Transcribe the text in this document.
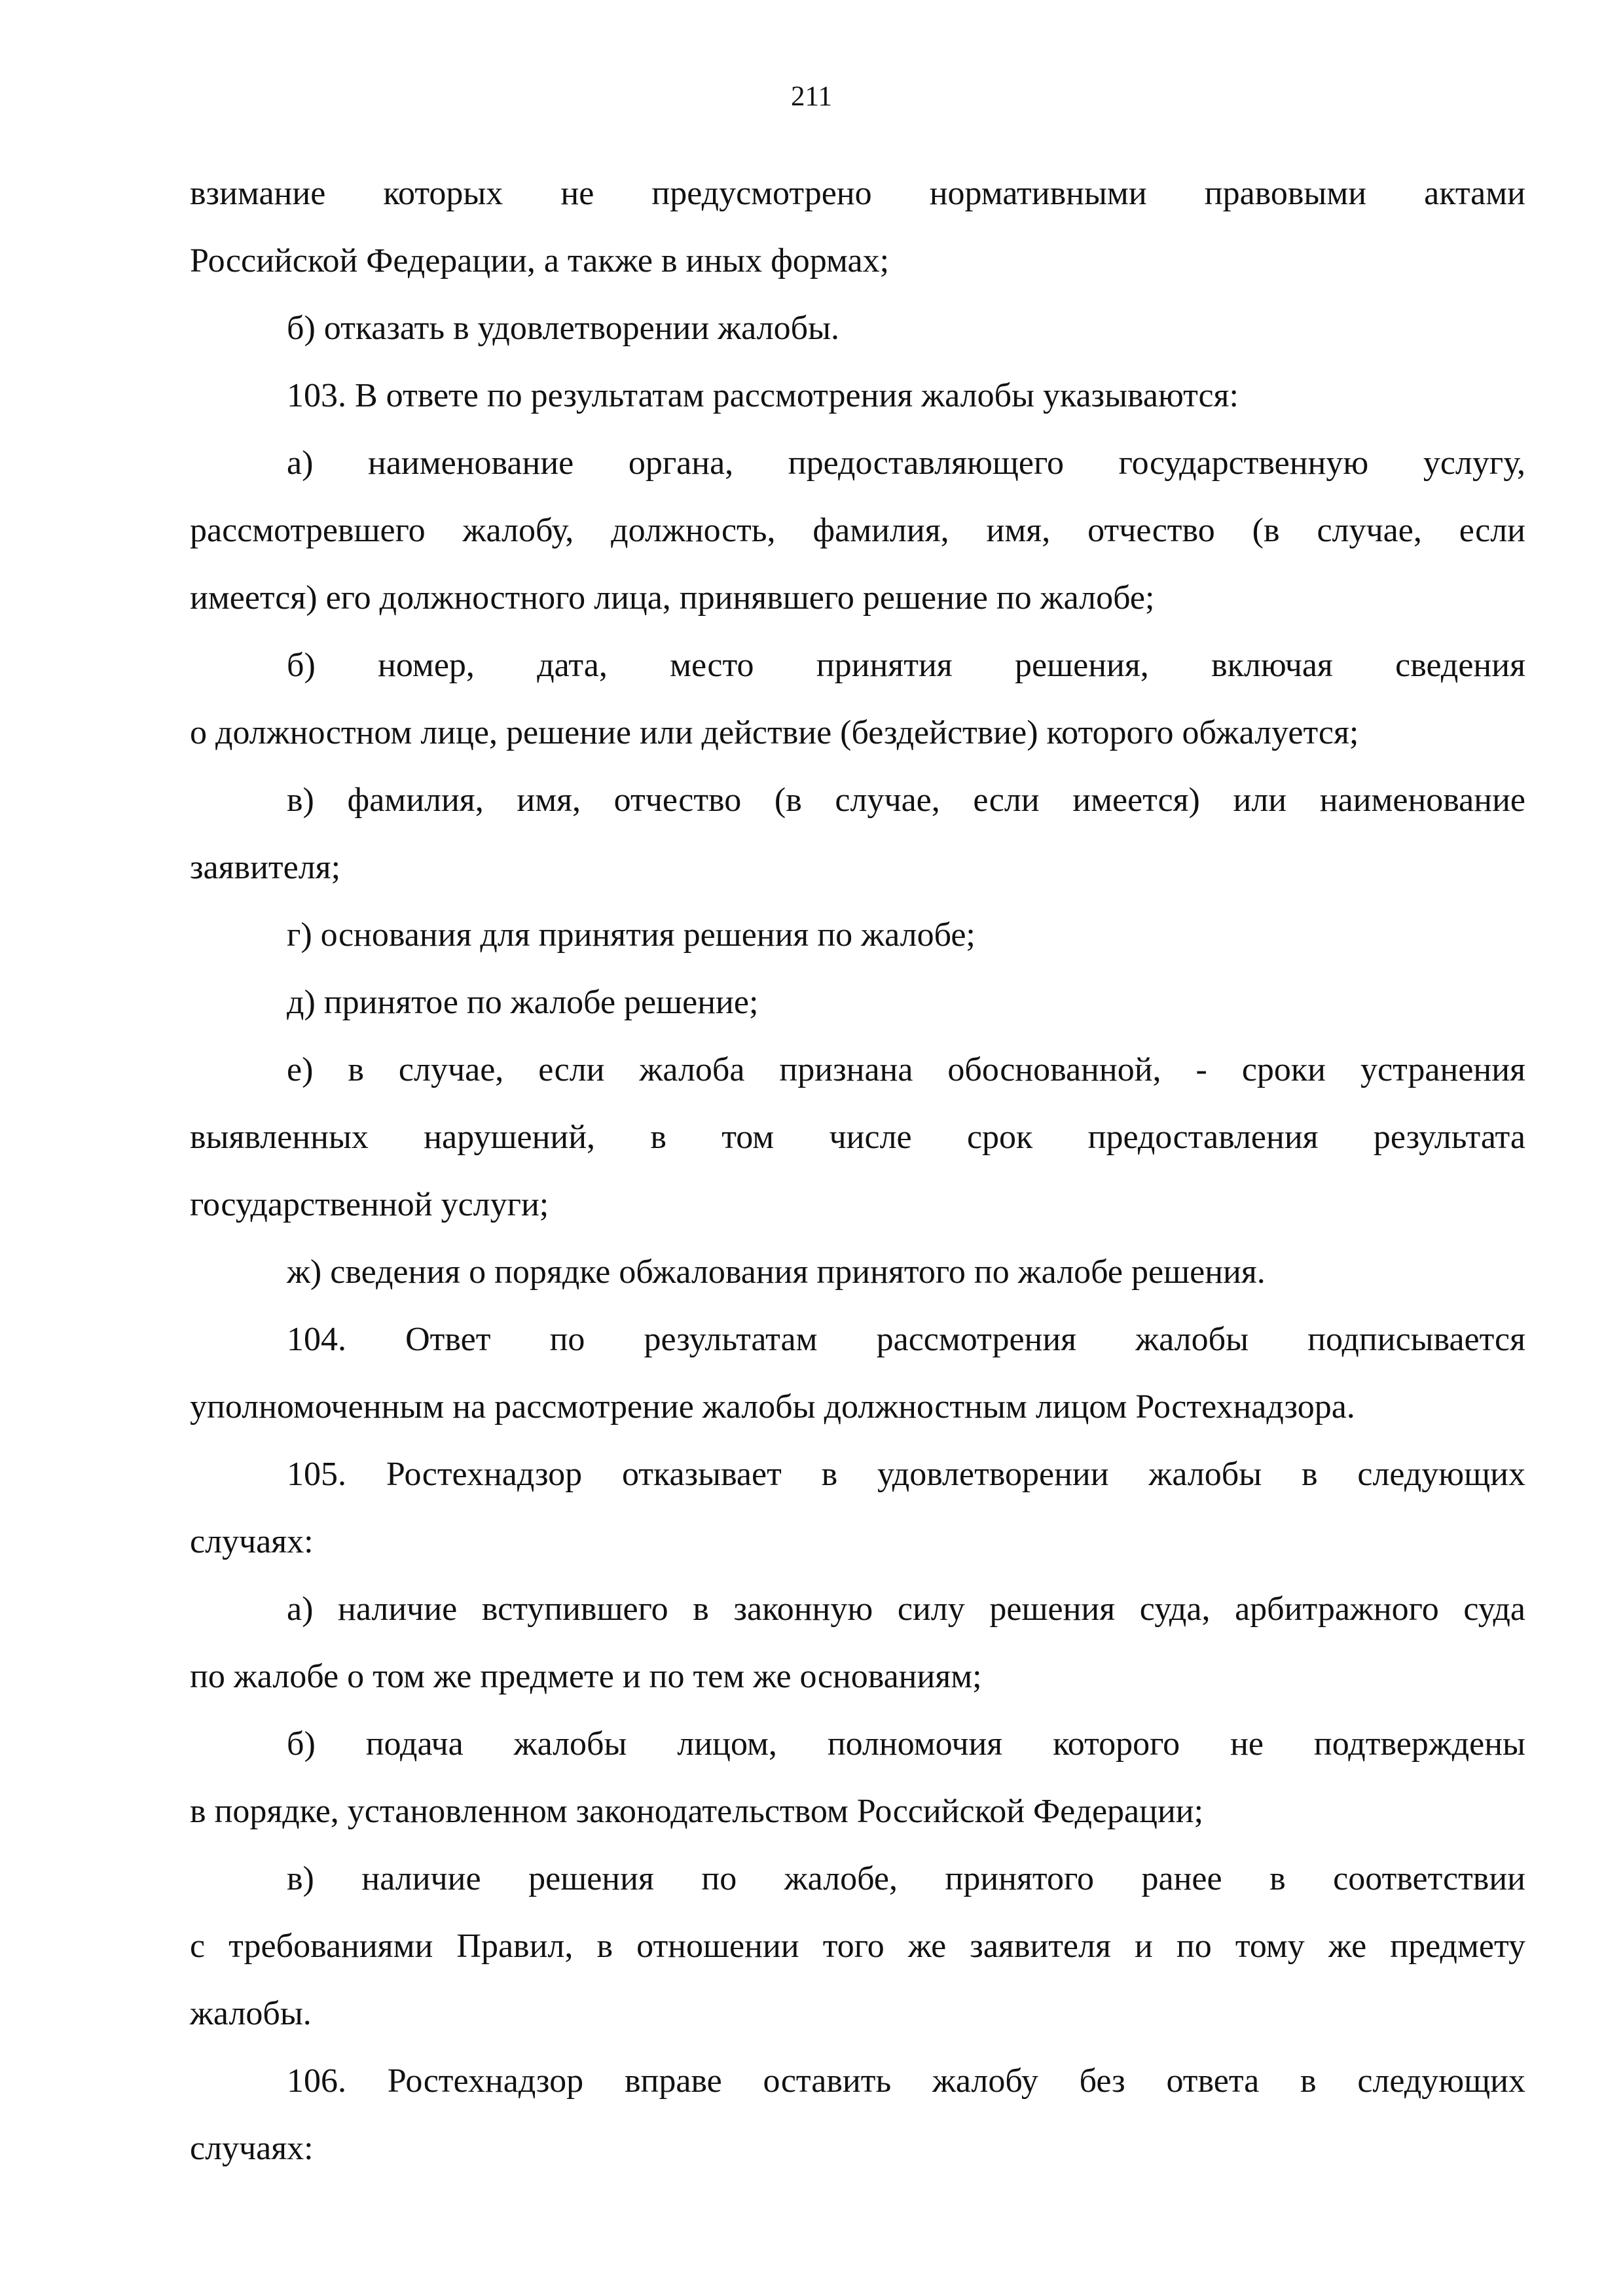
211
взимание которых не предусмотрено нормативными правовыми актами
Российской Федерации, а также в иных формах;
б) отказать в удовлетворении жалобы.
103. В ответе по результатам рассмотрения жалобы указываются:
а) наименование органа, предоставляющего государственную услугу,
рассмотревшего жалобу, должность, фамилия, имя, отчество (в случае, если
имеется) его должностного лица, принявшего решение по жалобе;
б) номер, дата, место принятия решения, включая сведения
о должностном лице, решение или действие (бездействие) которого обжалуется;
в) фамилия, имя, отчество (в случае, если имеется) или наименование
заявителя;
г) основания для принятия решения по жалобе;
д) принятое по жалобе решение;
е) в случае, если жалоба признана обоснованной, - сроки устранения
выявленных нарушений, в том числе срок предоставления результата
государственной услуги;
ж) сведения о порядке обжалования принятого по жалобе решения.
104. Ответ по результатам рассмотрения жалобы подписывается
уполномоченным на рассмотрение жалобы должностным лицом Ростехнадзора.
105. Ростехнадзор отказывает в удовлетворении жалобы в следующих
случаях:
а) наличие вступившего в законную силу решения суда, арбитражного суда
по жалобе о том же предмете и по тем же основаниям;
б) подача жалобы лицом, полномочия которого не подтверждены
в порядке, установленном законодательством Российской Федерации;
в) наличие решения по жалобе, принятого ранее в соответствии
с требованиями Правил, в отношении того же заявителя и по тому же предмету
жалобы.
106. Ростехнадзор вправе оставить жалобу без ответа в следующих
случаях:
